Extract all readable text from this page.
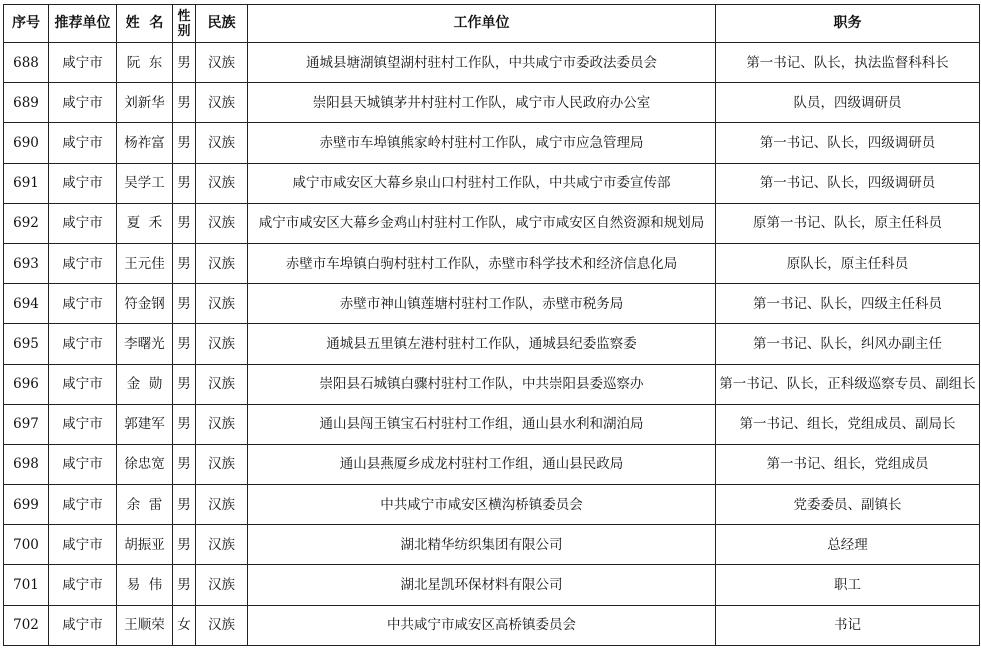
序号	推荐单位	姓  名	性别	民族	工作单位	职务
688	咸宁市	阮  东	男	汉族	通城县塘湖镇望湖村驻村工作队，中共咸宁市委政法委员会	第一书记、队长，执法监督科科长
689	咸宁市	刘新华	男	汉族	崇阳县天城镇茅井村驻村工作队，咸宁市人民政府办公室	队员，四级调研员
690	咸宁市	杨祚富	男	汉族	赤壁市车埠镇熊家岭村驻村工作队，咸宁市应急管理局	第一书记、队长，四级调研员
691	咸宁市	吴学工	男	汉族	咸宁市咸安区大幕乡泉山口村驻村工作队，中共咸宁市委宣传部	第一书记、队长，四级调研员
692	咸宁市	夏  禾	男	汉族	咸宁市咸安区大幕乡金鸡山村驻村工作队，咸宁市咸安区自然资源和规划局	原第一书记、队长，原主任科员
693	咸宁市	王元佳	男	汉族	赤壁市车埠镇白驹村驻村工作队，赤壁市科学技术和经济信息化局	原队长，原主任科员
694	咸宁市	符金钢	男	汉族	赤壁市神山镇莲塘村驻村工作队，赤壁市税务局	第一书记、队长，四级主任科员
695	咸宁市	李曙光	男	汉族	通城县五里镇左港村驻村工作队，通城县纪委监察委	第一书记、队长，纠风办副主任
696	咸宁市	金  勋	男	汉族	崇阳县石城镇白骤村驻村工作队，中共崇阳县委巡察办	第一书记、队长，正科级巡察专员、副组长
697	咸宁市	郭建军	男	汉族	通山县闯王镇宝石村驻村工作组，通山县水利和湖泊局	第一书记、组长，党组成员、副局长
698	咸宁市	徐忠宽	男	汉族	通山县燕厦乡成龙村驻村工作组，通山县民政局	第一书记、组长，党组成员
699	咸宁市	余  雷	男	汉族	中共咸宁市咸安区横沟桥镇委员会	党委委员、副镇长
700	咸宁市	胡振亚	男	汉族	湖北精华纺织集团有限公司	总经理
701	咸宁市	易  伟	男	汉族	湖北星凯环保材料有限公司	职工
702	咸宁市	王顺荣	女	汉族	中共咸宁市咸安区高桥镇委员会	书记
